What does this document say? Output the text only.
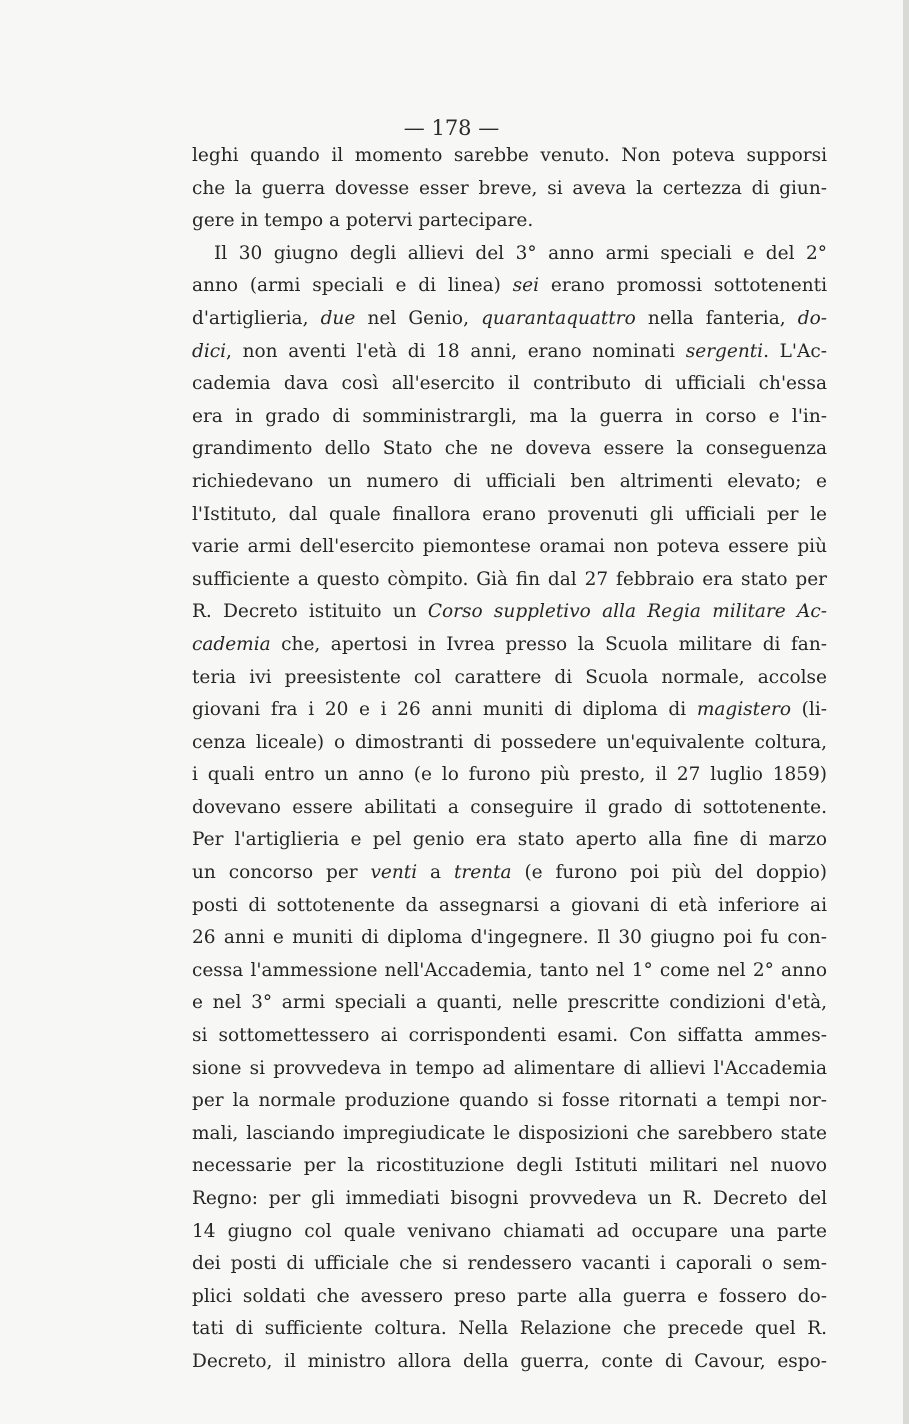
— 178 —
leghi quando il momento sarebbe venuto. Non poteva supporsi
che la guerra dovesse esser breve, si aveva la certezza di giun-
gere in tempo a potervi partecipare.
Il 30 giugno degli allievi del 3° anno armi speciali e del 2°
anno (armi speciali e di linea) sei erano promossi sottotenenti
d'artiglieria, due nel Genio, quarantaquattro nella fanteria, do-
dici, non aventi l'età di 18 anni, erano nominati sergenti. L'Ac-
cademia dava così all'esercito il contributo di ufficiali ch'essa
era in grado di somministrargli, ma la guerra in corso e l'in-
grandimento dello Stato che ne doveva essere la conseguenza
richiedevano un numero di ufficiali ben altrimenti elevato; e
l'Istituto, dal quale finallora erano provenuti gli ufficiali per le
varie armi dell'esercito piemontese oramai non poteva essere più
sufficiente a questo còmpito. Già fin dal 27 febbraio era stato per
R. Decreto istituito un Corso suppletivo alla Regia militare Ac-
cademia che, apertosi in Ivrea presso la Scuola militare di fan-
teria ivi preesistente col carattere di Scuola normale, accolse
giovani fra i 20 e i 26 anni muniti di diploma di magistero (li-
cenza liceale) o dimostranti di possedere un'equivalente coltura,
i quali entro un anno (e lo furono più presto, il 27 luglio 1859)
dovevano essere abilitati a conseguire il grado di sottotenente.
Per l'artiglieria e pel genio era stato aperto alla fine di marzo
un concorso per venti a trenta (e furono poi più del doppio)
posti di sottotenente da assegnarsi a giovani di età inferiore ai
26 anni e muniti di diploma d'ingegnere. Il 30 giugno poi fu con-
cessa l'ammessione nell'Accademia, tanto nel 1° come nel 2° anno
e nel 3° armi speciali a quanti, nelle prescritte condizioni d'età,
si sottomettessero ai corrispondenti esami. Con siffatta ammes-
sione si provvedeva in tempo ad alimentare di allievi l'Accademia
per la normale produzione quando si fosse ritornati a tempi nor-
mali, lasciando impregiudicate le disposizioni che sarebbero state
necessarie per la ricostituzione degli Istituti militari nel nuovo
Regno: per gli immediati bisogni provvedeva un R. Decreto del
14 giugno col quale venivano chiamati ad occupare una parte
dei posti di ufficiale che si rendessero vacanti i caporali o sem-
plici soldati che avessero preso parte alla guerra e fossero do-
tati di sufficiente coltura. Nella Relazione che precede quel R.
Decreto, il ministro allora della guerra, conte di Cavour, espo-
